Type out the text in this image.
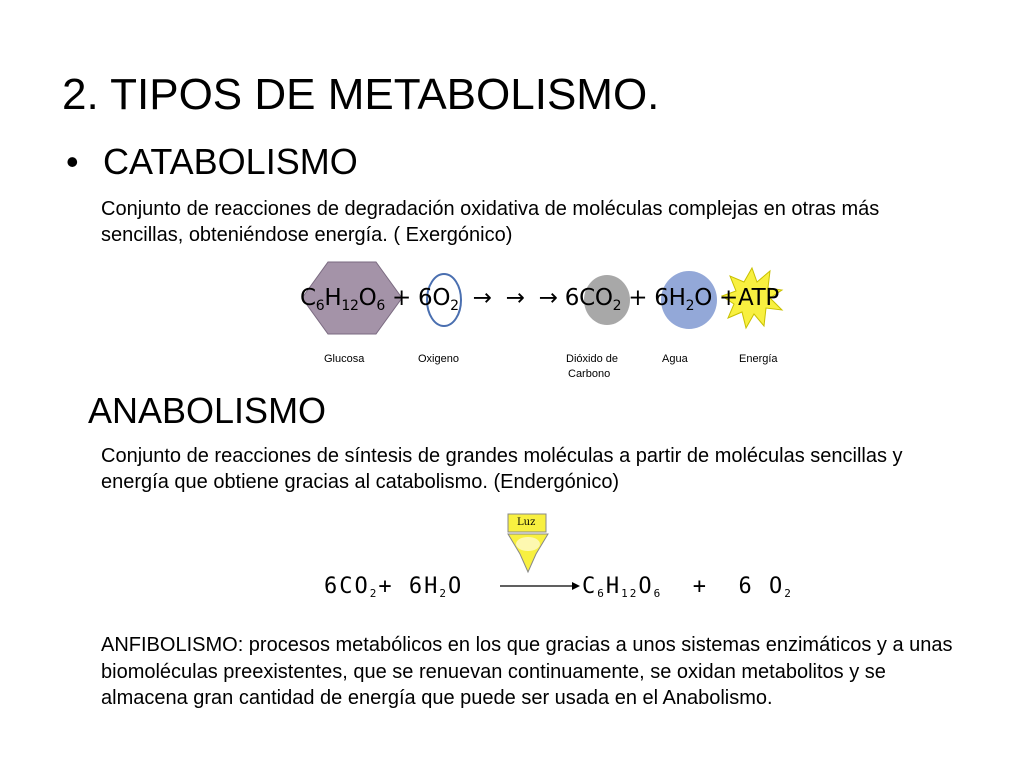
2. TIPOS DE METABOLISMO.
• CATABOLISMO
Conjunto de reacciones de degradación oxidativa de moléculas complejas en otras más sencillas, obteniéndose energía. ( Exergónico)
$C_6H_{12}O_6 + 6O_2$  →  →  → $6CO_2 + 6H_2O +ATP$
Glucosa	Oxigeno	Dióxido de
Carbono
Agua	Energía
ANABOLISMO
Conjunto de reacciones de síntesis de grandes moléculas a partir de moléculas sencillas y energía que obtiene gracias al catabolismo. (Endergónico)
Luz
$6CO_2+ 6H_2O$	$C_6H_{12}O_6 + 6$ $O_2$
ANFIBOLISMO: procesos metabólicos en los que gracias a unos sistemas enzimáticos y a unas biomoléculas preexistentes, que se renuevan continuamente, se oxidan metabolitos y se almacena gran cantidad de energía que puede ser usada en el Anabolismo.
